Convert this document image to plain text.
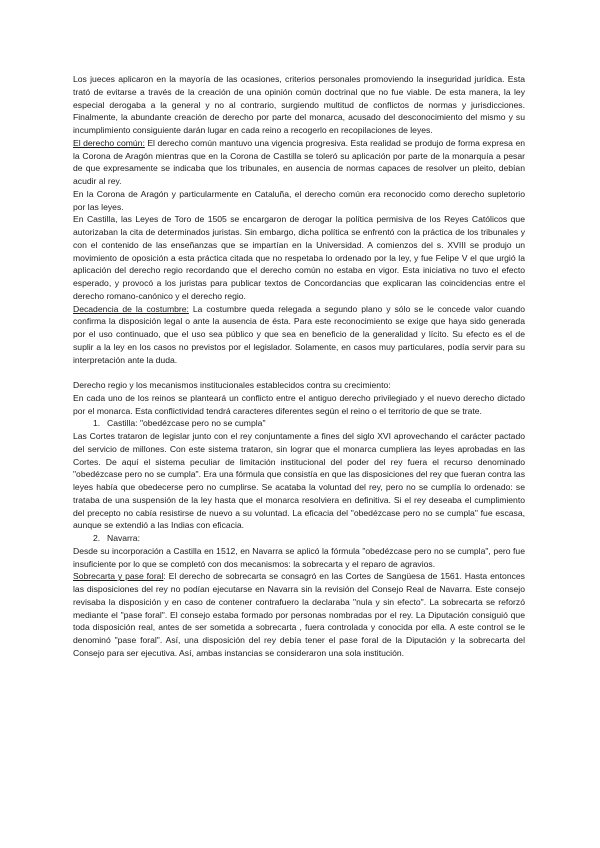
Los jueces aplicaron en la mayoría de las ocasiones, criterios personales promoviendo la inseguridad jurídica. Esta trató de evitarse a través de la creación de una opinión común doctrinal que no fue viable. De esta manera, la ley especial derogaba a la general y no al contrario, surgiendo multitud de conflictos de normas y jurisdicciones. Finalmente, la abundante creación de derecho por parte del monarca, acusado del desconocimiento del mismo y su incumplimiento consiguiente darán lugar en cada reino a recogerlo en recopilaciones de leyes.

El derecho común: El derecho común mantuvo una vigencia progresiva. Esta realidad se produjo de forma expresa en la Corona de Aragón mientras que en la Corona de Castilla se toleró su aplicación por parte de la monarquía a pesar de que expresamente se indicaba que los tribunales, en ausencia de normas capaces de resolver un pleito, debían acudir al rey.

En la Corona de Aragón y particularmente en Cataluña, el derecho común era reconocido como derecho supletorio por las leyes.

En Castilla, las Leyes de Toro de 1505 se encargaron de derogar la política permisiva de los Reyes Católicos que autorizaban la cita de determinados juristas. Sin embargo, dicha política se enfrentó con la práctica de los tribunales y con el contenido de las enseñanzas que se impartían en la Universidad. A comienzos del s. XVIII se produjo un movimiento de oposición a esta práctica citada que no respetaba lo ordenado por la ley, y fue Felipe V el que urgió la aplicación del derecho regio recordando que el derecho común no estaba en vigor. Esta iniciativa no tuvo el efecto esperado, y provocó a los juristas para publicar textos de Concordancias que explicaran las coincidencias entre el derecho romano-canónico y el derecho regio.

Decadencia de la costumbre: La costumbre queda relegada a segundo plano y sólo se le concede valor cuando confirma la disposición legal o ante la ausencia de ésta. Para este reconocimiento se exige que haya sido generada por el uso continuado, que el uso sea público y que sea en beneficio de la generalidad y lícito. Su efecto es el de suplir a la ley en los casos no previstos por el legislador. Solamente, en casos muy particulares, podía servir para su interpretación ante la duda.

Derecho regio y los mecanismos institucionales establecidos contra su crecimiento:

En cada uno de los reinos se planteará un conflicto entre el antiguo derecho privilegiado y el nuevo derecho dictado por el monarca. Esta conflictividad tendrá caracteres diferentes según el reino o el territorio de que se trate.

1. Castilla: "obedézcase pero no se cumpla"

Las Cortes trataron de legislar junto con el rey conjuntamente a fines del siglo XVI aprovechando el carácter pactado del servicio de millones. Con este sistema trataron, sin lograr que el monarca cumpliera las leyes aprobadas en las Cortes. De aquí el sistema peculiar de limitación institucional del poder del rey fuera el recurso denominado "obedézcase pero no se cumpla". Era una fórmula que consistía en que las disposiciones del rey que fueran contra las leyes había que obedecerse pero no cumplirse. Se acataba la voluntad del rey, pero no se cumplía lo ordenado: se trataba de una suspensión de la ley hasta que el monarca resolviera en definitiva. Si el rey deseaba el cumplimiento del precepto no cabía resistirse de nuevo a su voluntad. La eficacia del "obedézcase pero no se cumpla" fue escasa, aunque se extendió a las Indias con eficacia.

2. Navarra:

Desde su incorporación a Castilla en 1512, en Navarra se aplicó la fórmula "obedézcase pero no se cumpla", pero fue insuficiente por lo que se completó con dos mecanismos: la sobrecarta y el reparo de agravios.

Sobrecarta y pase foral: El derecho de sobrecarta se consagró en las Cortes de Sangüesa de 1561. Hasta entonces las disposiciones del rey no podían ejecutarse en Navarra sin la revisión del Consejo Real de Navarra. Este consejo revisaba la disposición y en caso de contener contrafuero la declaraba "nula y sin efecto". La sobrecarta se reforzó mediante el "pase foral". El consejo estaba formado por personas nombradas por el rey. La Diputación consiguió que toda disposición real, antes de ser sometida a sobrecarta , fuera controlada y conocida por ella. A este control se le denominó "pase foral". Así, una disposición del rey debía tener el pase foral de la Diputación y la sobrecarta del Consejo para ser ejecutiva. Así, ambas instancias se consideraron una sola institución.
